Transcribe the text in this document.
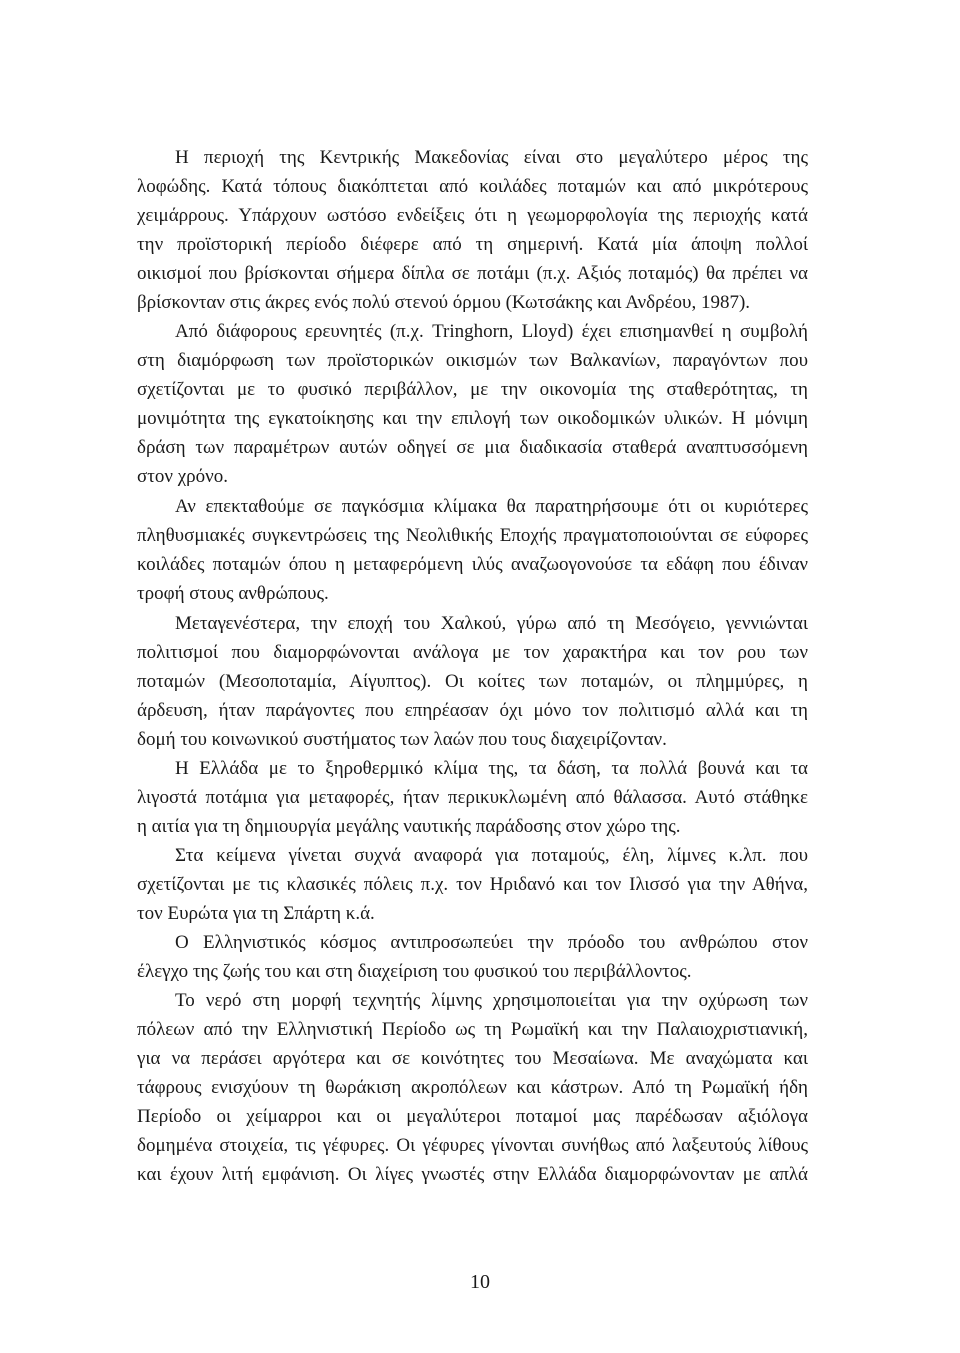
Η περιοχή της Κεντρικής Μακεδονίας είναι στο μεγαλύτερο μέρος της
λοφώδης. Κατά τόπους διακόπτεται από κοιλάδες ποταμών και από μικρότερους
χειμάρρους. Υπάρχουν ωστόσο ενδείξεις ότι η γεωμορφολογία της περιοχής κατά
την προϊστορική περίοδο διέφερε από τη σημερινή. Κατά μία άποψη πολλοί
οικισμοί που βρίσκονται σήμερα δίπλα σε ποτάμι (π.χ. Αξιός ποταμός) θα πρέπει να
βρίσκονταν στις άκρες ενός πολύ στενού όρμου (Κωτσάκης και Ανδρέου, 1987).
Από διάφορους ερευνητές (π.χ. Tringhorn, Lloyd) έχει επισημανθεί η συμβολή
στη διαμόρφωση των προϊστορικών οικισμών των Βαλκανίων, παραγόντων που
σχετίζονται με το φυσικό περιβάλλον, με την οικονομία της σταθερότητας, τη
μονιμότητα της εγκατοίκησης και την επιλογή των οικοδομικών υλικών. Η μόνιμη
δράση των παραμέτρων αυτών οδηγεί σε μια διαδικασία σταθερά αναπτυσσόμενη
στον χρόνο.
Αν επεκταθούμε σε παγκόσμια κλίμακα θα παρατηρήσουμε ότι οι κυριότερες
πληθυσμιακές συγκεντρώσεις της Νεολιθικής Εποχής πραγματοποιούνται σε εύφορες
κοιλάδες ποταμών όπου η μεταφερόμενη ιλύς αναζωογονούσε τα εδάφη που έδιναν
τροφή στους ανθρώπους.
Μεταγενέστερα, την εποχή του Χαλκού, γύρω από τη Μεσόγειο, γεννιώνται
πολιτισμοί που διαμορφώνονται ανάλογα με τον χαρακτήρα και τον ρου των
ποταμών (Μεσοποταμία, Αίγυπτος). Οι κοίτες των ποταμών, οι πλημμύρες, η
άρδευση, ήταν παράγοντες που επηρέασαν όχι μόνο τον πολιτισμό αλλά και τη
δομή του κοινωνικού συστήματος των λαών που τους διαχειρίζονταν.
Η Ελλάδα με το ξηροθερμικό κλίμα της, τα δάση, τα πολλά βουνά και τα
λιγοστά ποτάμια για μεταφορές, ήταν περικυκλωμένη από θάλασσα. Αυτό στάθηκε
η αιτία για τη δημιουργία μεγάλης ναυτικής παράδοσης στον χώρο της.
Στα κείμενα γίνεται συχνά αναφορά για ποταμούς, έλη, λίμνες κ.λπ. που
σχετίζονται με τις κλασικές πόλεις π.χ. τον Ηριδανό και τον Ιλισσό για την Αθήνα,
τον Ευρώτα για τη Σπάρτη κ.ά.
Ο Ελληνιστικός κόσμος αντιπροσωπεύει την πρόοδο του ανθρώπου στον
έλεγχο της ζωής του και στη διαχείριση του φυσικού του περιβάλλοντος.
Το νερό στη μορφή τεχνητής λίμνης χρησιμοποιείται για την οχύρωση των
πόλεων από την Ελληνιστική Περίοδο ως τη Ρωμαϊκή και την Παλαιοχριστιανική,
για να περάσει αργότερα και σε κοινότητες του Μεσαίωνα. Με αναχώματα και
τάφρους ενισχύουν τη θωράκιση ακροπόλεων και κάστρων. Από τη Ρωμαϊκή ήδη
Περίοδο οι χείμαρροι και οι μεγαλύτεροι ποταμοί μας παρέδωσαν αξιόλογα
δομημένα στοιχεία, τις γέφυρες. Οι γέφυρες γίνονται συνήθως από λαξευτούς λίθους
και έχουν λιτή εμφάνιση. Οι λίγες γνωστές στην Ελλάδα διαμορφώνονταν με απλά
10
